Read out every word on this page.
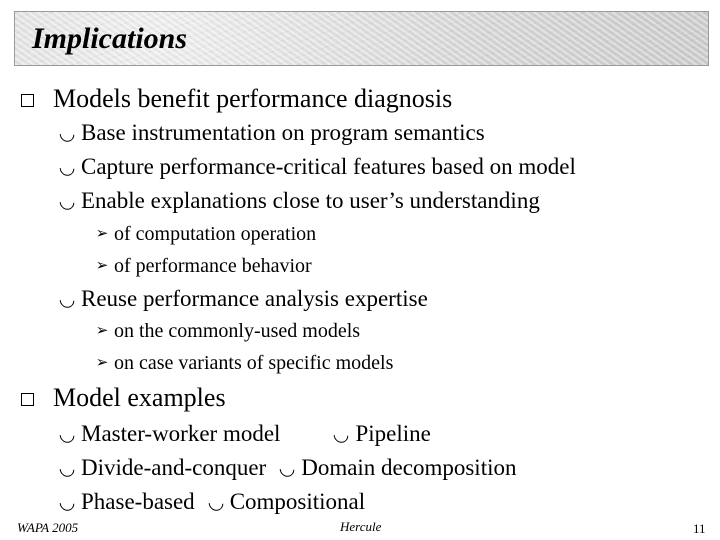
Implications
Models benefit performance diagnosis
Base instrumentation on program semantics
Capture performance-critical features based on model
Enable explanations close to user’s understanding
➢ of computation operation
➢ of performance behavior
Reuse performance analysis expertise
➢ on the commonly-used models
➢ on case variants of specific models
Model examples
Master-worker model	Pipeline
Divide-and-conquer Domain decomposition
Phase-based Compositional
WAPA 2005	Hercule	11
